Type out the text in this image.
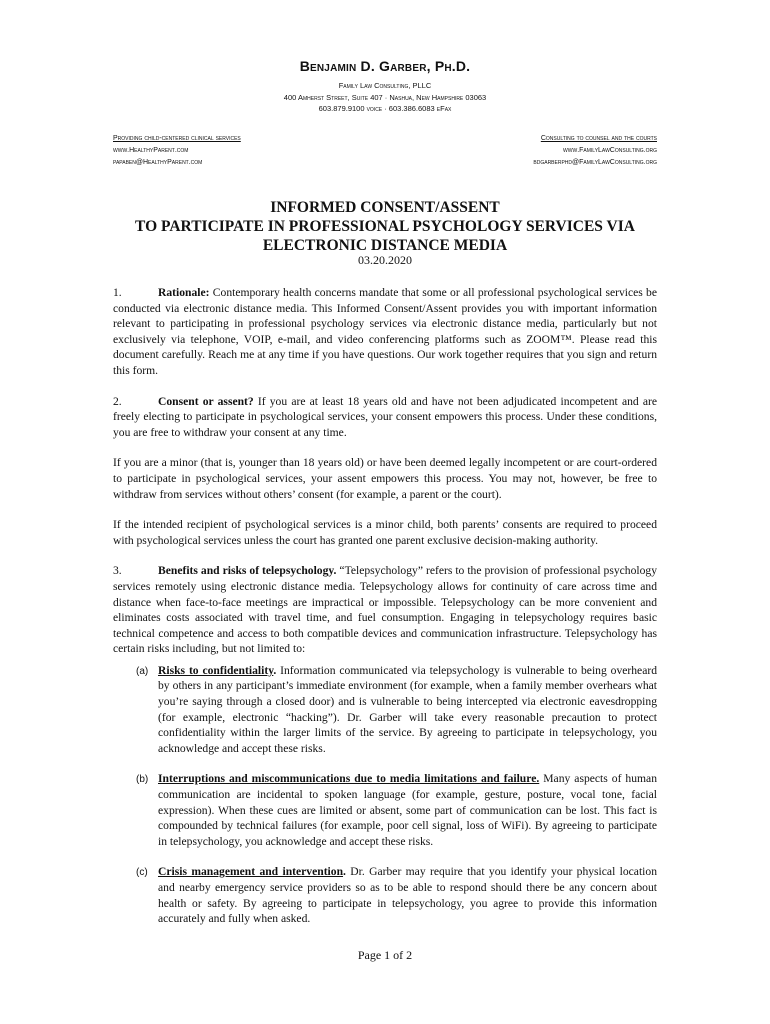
Benjamin D. Garber, Ph.D.
Family Law Consulting, PLLC
400 Amherst Street, Suite 407 · Nashua, New Hampshire 03063
603.879.9100 voice · 603.386.6083 eFax
Providing child-centered clinical services
www.HealthyParent.com
papaben@HealthyParent.com
Consulting to counsel and the courts
www.FamilyLawConsulting.org
bdgarberphd@FamilyLawConsulting.org
INFORMED CONSENT/ASSENT
TO PARTICIPATE IN PROFESSIONAL PSYCHOLOGY SERVICES VIA
ELECTRONIC DISTANCE MEDIA
03.20.2020

1.	Rationale: Contemporary health concerns mandate that some or all professional psychological services be conducted via electronic distance media. This Informed Consent/Assent provides you with important information relevant to participating in professional psychology services via electronic distance media, particularly but not exclusively via telephone, VOIP, e-mail, and video conferencing platforms such as ZOOM™. Please read this document carefully. Reach me at any time if you have questions. Our work together requires that you sign and return this form.

2.	Consent or assent? If you are at least 18 years old and have not been adjudicated incompetent and are freely electing to participate in psychological services, your consent empowers this process. Under these conditions, you are free to withdraw your consent at any time.

If you are a minor (that is, younger than 18 years old) or have been deemed legally incompetent or are court-ordered to participate in psychological services, your assent empowers this process. You may not, however, be free to withdraw from services without others’ consent (for example, a parent or the court).

If the intended recipient of psychological services is a minor child, both parents’ consents are required to proceed with psychological services unless the court has granted one parent exclusive decision-making authority.

3.	Benefits and risks of telepsychology. “Telepsychology” refers to the provision of professional psychology services remotely using electronic distance media. Telepsychology allows for continuity of care across time and distance when face-to-face meetings are impractical or impossible. Telepsychology can be more convenient and eliminates costs associated with travel time, and fuel consumption. Engaging in telepsychology requires basic technical competence and access to both compatible devices and communication infrastructure. Telepsychology has certain risks including, but not limited to:

(a) Risks to confidentiality. Information communicated via telepsychology is vulnerable to being overheard by others in any participant’s immediate environment (for example, when a family member overhears what you’re saying through a closed door) and is vulnerable to being intercepted via electronic eavesdropping (for example, electronic “hacking”). Dr. Garber will take every reasonable precaution to protect confidentiality within the larger limits of the service. By agreeing to participate in telepsychology, you acknowledge and accept these risks.

(b) Interruptions and miscommunications due to media limitations and failure. Many aspects of human communication are incidental to spoken language (for example, gesture, posture, vocal tone, facial expression). When these cues are limited or absent, some part of communication can be lost. This fact is compounded by technical failures (for example, poor cell signal, loss of WiFi). By agreeing to participate in telepsychology, you acknowledge and accept these risks.

(c) Crisis management and intervention. Dr. Garber may require that you identify your physical location and nearby emergency service providers so as to be able to respond should there be any concern about health or safety. By agreeing to participate in telepsychology, you agree to provide this information accurately and fully when asked.

Page 1 of 2
